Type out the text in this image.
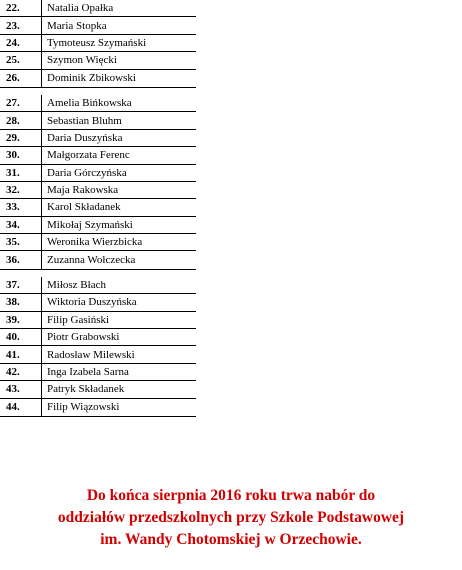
22.	Natalia Opałka
23.	Maria Stopka
24.	Tymoteusz Szymański
25.	Szymon Więcki
26.	Dominik Zbikowski
27.	Amelia Bińkowska
28.	Sebastian Bluhm
29.	Daria Duszyńska
30.	Małgorzata Ferenc
31.	Daria Górczyńska
32.	Maja Rakowska
33.	Karol Składanek
34.	Mikołaj Szymański
35.	Weronika Wierzbicka
36.	Zuzanna Wołczecka
37.	Miłosz Błach
38.	Wiktoria Duszyńska
39.	Filip Gasiński
40.	Piotr Grabowski
41.	Radosław Milewski
42.	Inga Izabela Sarna
43.	Patryk Składanek
44.	Filip Wiązowski
Do końca sierpnia 2016 roku trwa nabór do
oddziałów przedszkolnych przy Szkole Podstawowej
im. Wandy Chotomskiej w Orzechowie.
